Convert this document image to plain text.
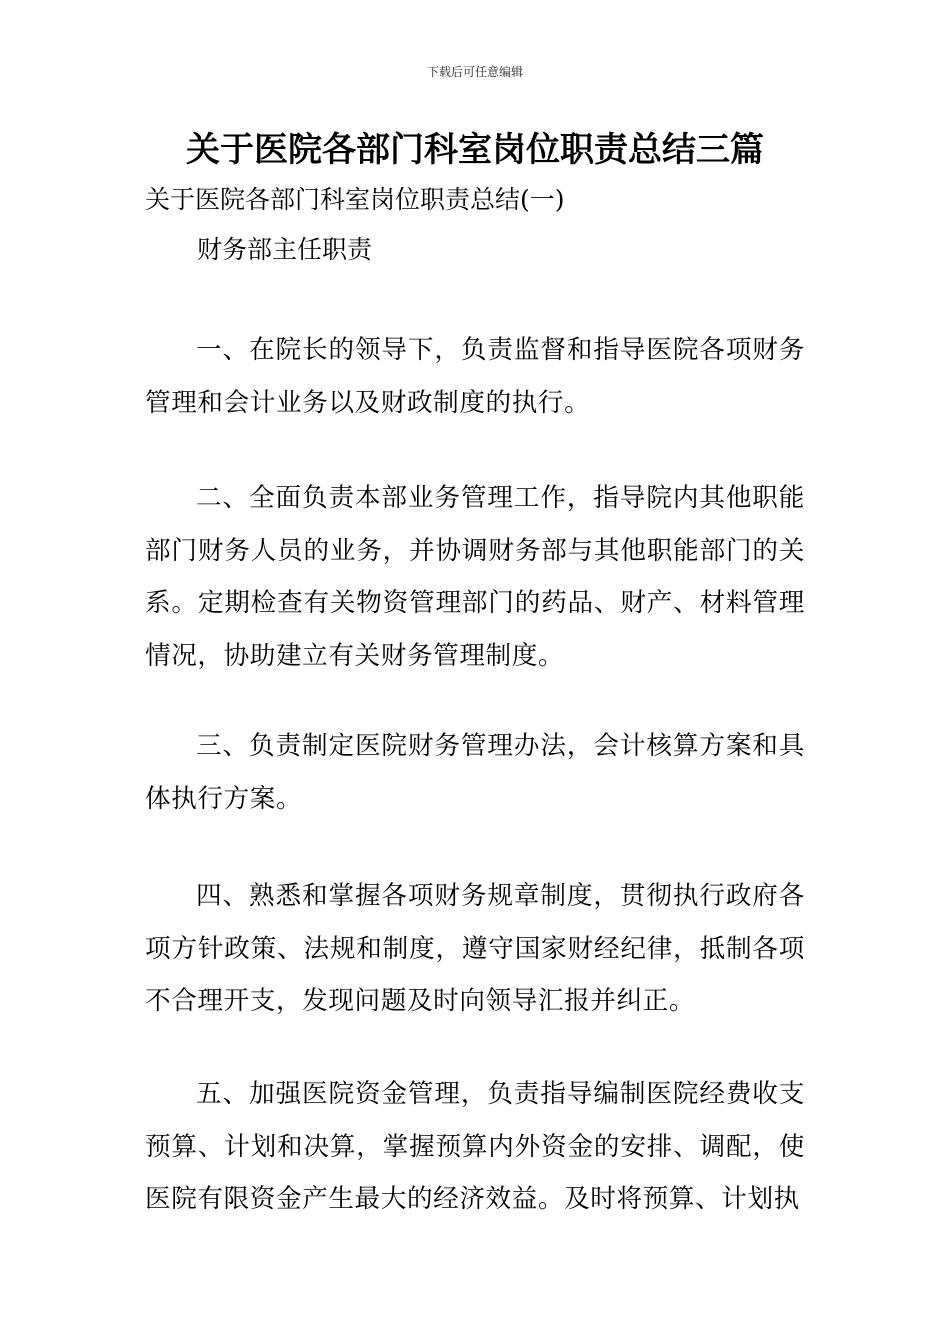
下载后可任意编辑
关于医院各部门科室岗位职责总结三篇
关于医院各部门科室岗位职责总结(一)
财务部主任职责

一、在院长的领导下，负责监督和指导医院各项财务管理和会计业务以及财政制度的执行。

二、全面负责本部业务管理工作，指导院内其他职能部门财务人员的业务，并协调财务部与其他职能部门的关系。定期检查有关物资管理部门的药品、财产、材料管理情况，协助建立有关财务管理制度。

三、负责制定医院财务管理办法，会计核算方案和具体执行方案。

四、熟悉和掌握各项财务规章制度，贯彻执行政府各项方针政策、法规和制度，遵守国家财经纪律，抵制各项不合理开支，发现问题及时向领导汇报并纠正。

五、加强医院资金管理，负责指导编制医院经费收支预算、计划和决算，掌握预算内外资金的安排、调配，使医院有限资金产生最大的经济效益。及时将预算、计划执
